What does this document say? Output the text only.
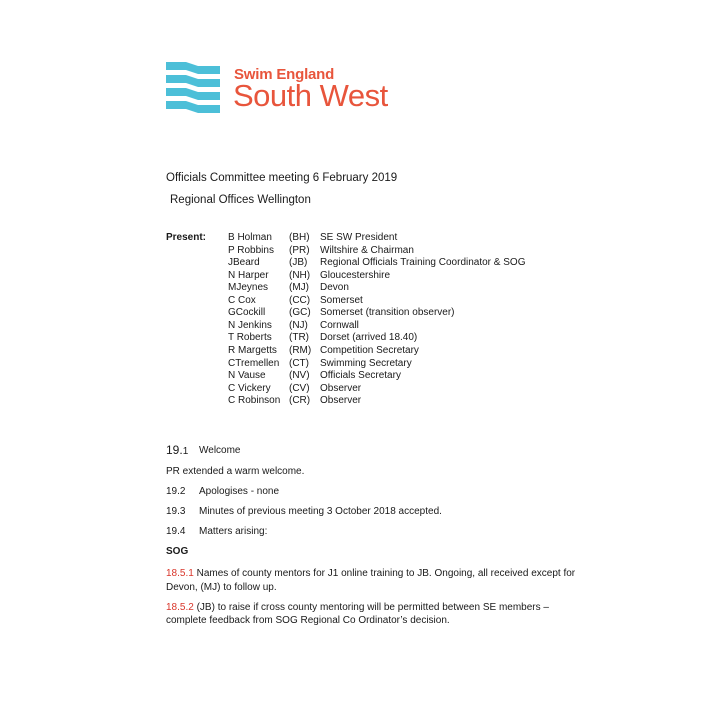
Swim England
South West
Officials Committee meeting 6 February 2019
Regional Offices Wellington
Present: B Holman (BH) SE SW President
P Robbins (PR) Wiltshire & Chairman
JBeard	(JB) Regional Officials Training Coordinator & SOG
N Harper (NH) Gloucestershire
MJeynes (MJ) Devon
C Cox	(CC) Somerset
GCockill (GC) Somerset (transition observer)
N Jenkins (NJ) Cornwall
T Roberts (TR) Dorset (arrived 18.40)
R Margetts (RM) Competition Secretary
CTremellen (CT) Swimming Secretary
N Vause (NV) Officials Secretary
C Vickery (CV) Observer
C Robinson (CR) Observer
19.1 Welcome
PR extended a warm welcome.
19.2 Apologises - none
19.3 Minutes of previous meeting 3 October 2018 accepted.
19.4 Matters arising:
SOG
18.5.1 Names of county mentors for J1 online training to JB. Ongoing, all received except for
Devon, (MJ) to follow up.
18.5.2 (JB) to raise if cross county mentoring will be permitted between SE members –
complete feedback from SOG Regional Co Ordinator’s decision.
